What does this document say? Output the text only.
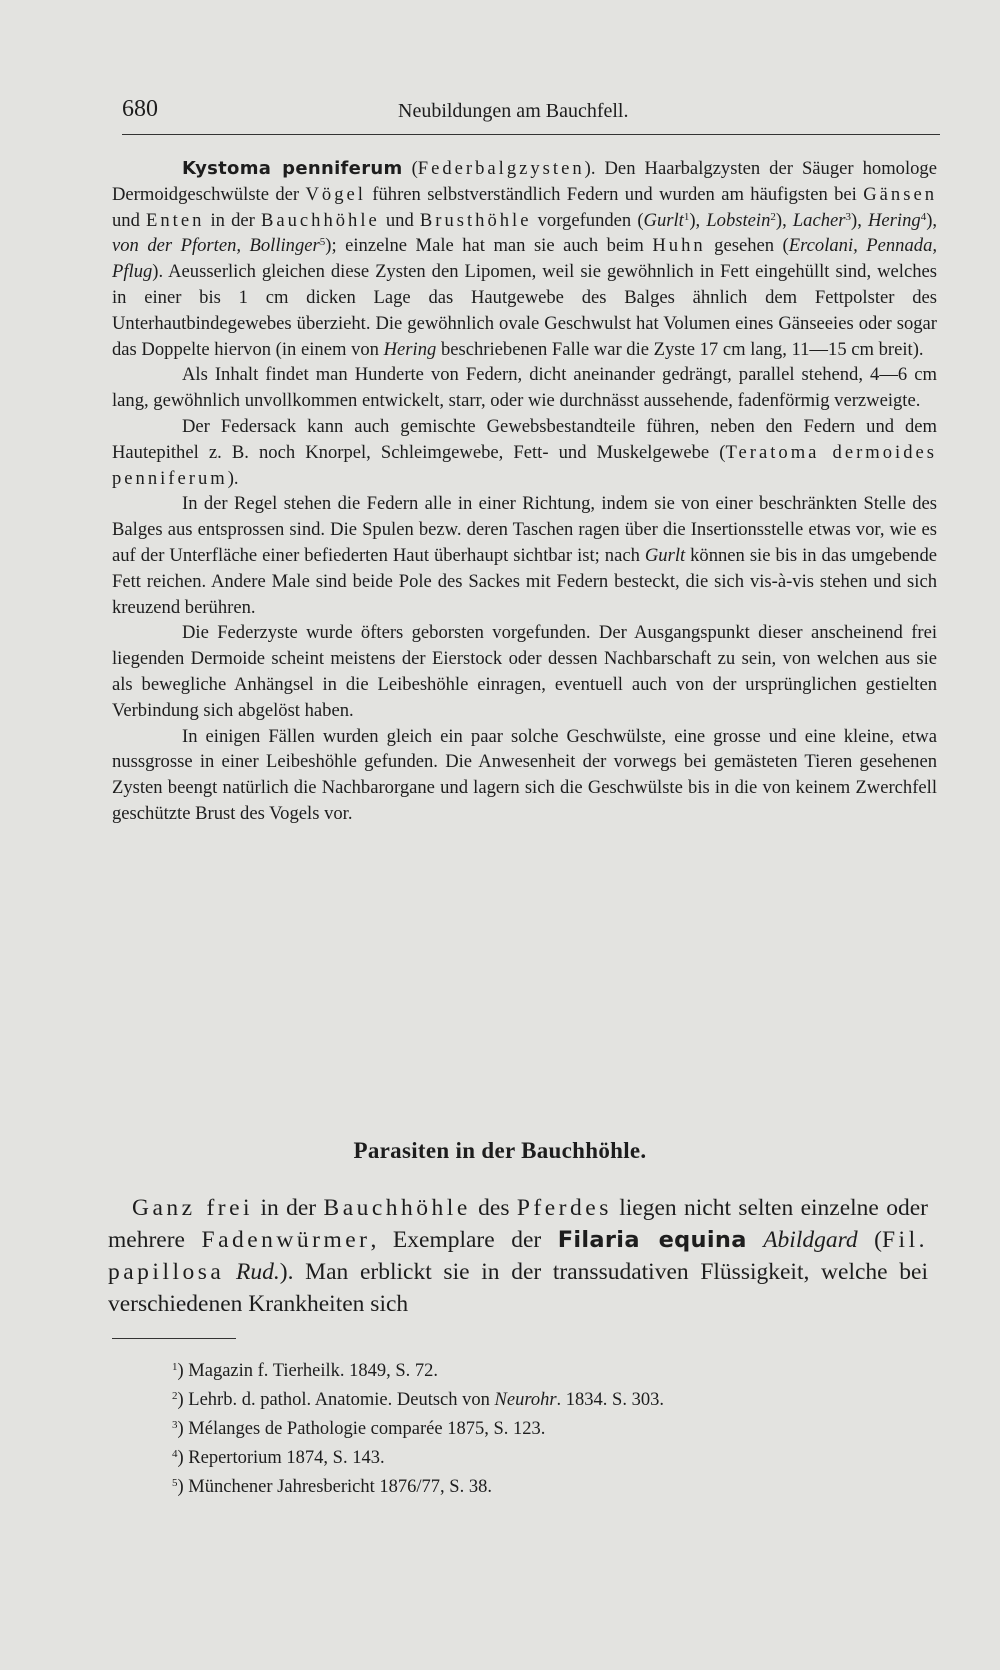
680	Neubildungen am Bauchfell.

Kystoma penniferum (Federbalgzysten). Den Haarbalgzysten der Säuger homologe Dermoidgeschwülste der Vögel führen selbstverständlich Federn und wurden am häufigsten bei Gänsen und Enten in der Bauchhöhle und Brusthöhle vorgefunden (Gurlt$^1$), Lobstein$^2$), Lacher$^3$), Hering$^4$), von der Pforten, Bollinger$^5$); einzelne Male hat man sie auch beim Huhn gesehen (Ercolani, Pennada, Pflug). Aeusserlich gleichen diese Zysten den Lipomen, weil sie gewöhnlich in Fett eingehüllt sind, welches in einer bis 1 cm dicken Lage das Hautgewebe des Balges ähnlich dem Fettpolster des Unterhautbindegewebes überzieht. Die gewöhnlich ovale Geschwulst hat Volumen eines Gänseeies oder sogar das Doppelte hiervon (in einem von Hering beschriebenen Falle war die Zyste 17 cm lang, 11—15 cm breit).

Als Inhalt findet man Hunderte von Federn, dicht aneinander gedrängt, parallel stehend, 4—6 cm lang, gewöhnlich unvollkommen entwickelt, starr, oder wie durchnässt aussehende, fadenförmig verzweigte.

Der Federsack kann auch gemischte Gewebsbestandteile führen, neben den Federn und dem Hautepithel z. B. noch Knorpel, Schleimgewebe, Fett- und Muskelgewebe (Teratoma dermoides penniferum).

In der Regel stehen die Federn alle in einer Richtung, indem sie von einer beschränkten Stelle des Balges aus entsprossen sind. Die Spulen bezw. deren Taschen ragen über die Insertionsstelle etwas vor, wie es auf der Unterfläche einer befiederten Haut überhaupt sichtbar ist; nach Gurlt können sie bis in das umgebende Fett reichen. Andere Male sind beide Pole des Sackes mit Federn besteckt, die sich vis-à-vis stehen und sich kreuzend berühren.

Die Federzyste wurde öfters geborsten vorgefunden. Der Ausgangspunkt dieser anscheinend frei liegenden Dermoide scheint meistens der Eierstock oder dessen Nachbarschaft zu sein, von welchen aus sie als bewegliche Anhängsel in die Leibeshöhle einragen, eventuell auch von der ursprünglichen gestielten Verbindung sich abgelöst haben.

In einigen Fällen wurden gleich ein paar solche Geschwülste, eine grosse und eine kleine, etwa nussgrosse in einer Leibeshöhle gefunden. Die Anwesenheit der vorwegs bei gemästeten Tieren gesehenen Zysten beengt natürlich die Nachbarorgane und lagern sich die Geschwülste bis in die von keinem Zwerchfell geschützte Brust des Vogels vor.

Parasiten in der Bauchhöhle.

Ganz frei in der Bauchhöhle des Pferdes liegen nicht selten einzelne oder mehrere Fadenwürmer, Exemplare der Filaria equina Abildgard (Fil. papillosa Rud.). Man erblickt sie in der transsudativen Flüssigkeit, welche bei verschiedenen Krankheiten sich

$^1$) Magazin f. Tierheilk. 1849, S. 72.
$^2$) Lehrb. d. pathol. Anatomie. Deutsch von Neurohr. 1834. S. 303.
$^3$) Mélanges de Pathologie comparée 1875, S. 123.
$^4$) Repertorium 1874, S. 143.
$^5$) Münchener Jahresbericht 1876/77, S. 38.
